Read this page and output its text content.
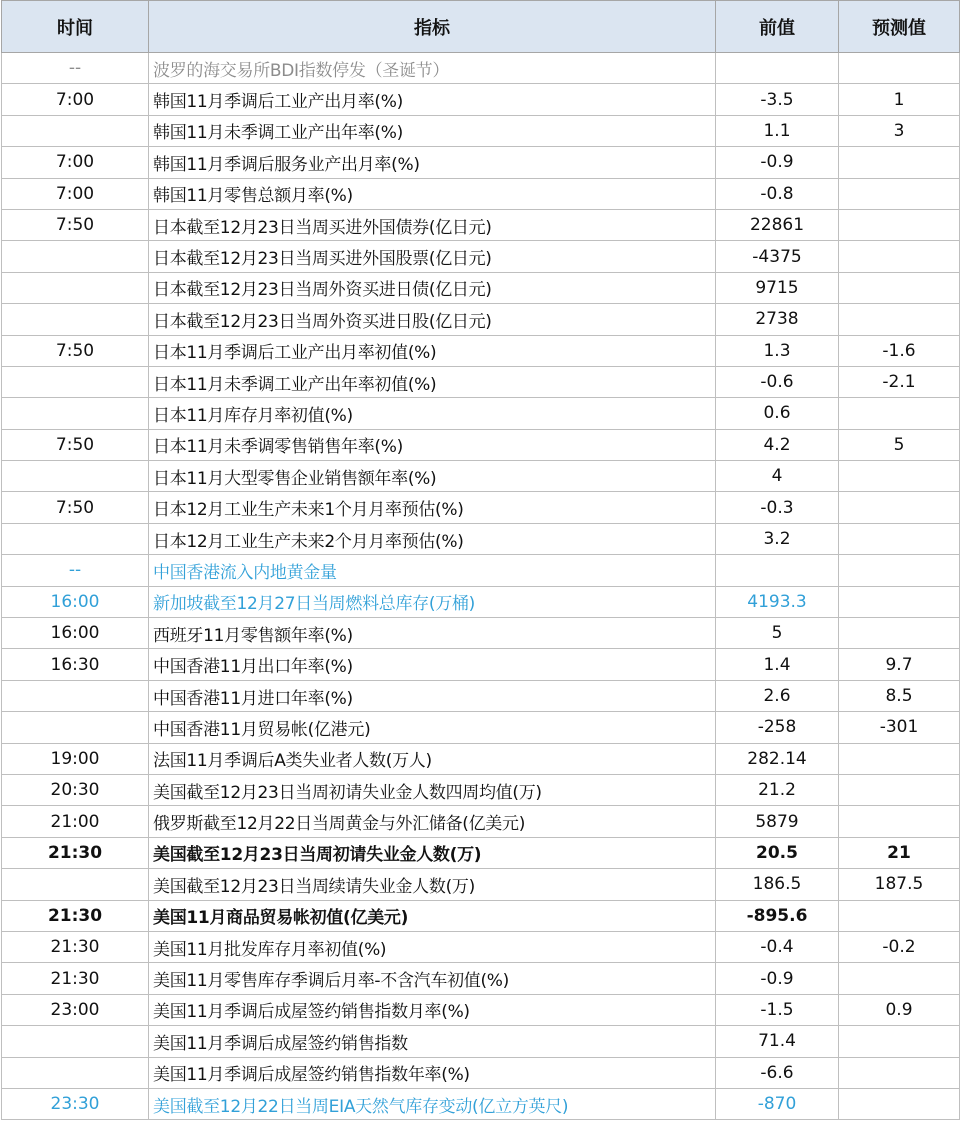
时间	指标	前值	预测值
--	波罗的海交易所BDI指数停发（圣诞节）		
7:00	韩国11月季调后工业产出月率(%)	-3.5	1
	韩国11月未季调工业产出年率(%)	1.1	3
7:00	韩国11月季调后服务业产出月率(%)	-0.9	
7:00	韩国11月零售总额月率(%)	-0.8	
7:50	日本截至12月23日当周买进外国债券(亿日元)	22861	
	日本截至12月23日当周买进外国股票(亿日元)	-4375	
	日本截至12月23日当周外资买进日债(亿日元)	9715	
	日本截至12月23日当周外资买进日股(亿日元)	2738	
7:50	日本11月季调后工业产出月率初值(%)	1.3	-1.6
	日本11月未季调工业产出年率初值(%)	-0.6	-2.1
	日本11月库存月率初值(%)	0.6	
7:50	日本11月未季调零售销售年率(%)	4.2	5
	日本11月大型零售企业销售额年率(%)	4	
7:50	日本12月工业生产未来1个月月率预估(%)	-0.3	
	日本12月工业生产未来2个月月率预估(%)	3.2	
--	中国香港流入内地黄金量		
16:00	新加坡截至12月27日当周燃料总库存(万桶)	4193.3	
16:00	西班牙11月零售额年率(%)	5	
16:30	中国香港11月出口年率(%)	1.4	9.7
	中国香港11月进口年率(%)	2.6	8.5
	中国香港11月贸易帐(亿港元)	-258	-301
19:00	法国11月季调后A类失业者人数(万人)	282.14	
20:30	美国截至12月23日当周初请失业金人数四周均值(万)	21.2	
21:00	俄罗斯截至12月22日当周黄金与外汇储备(亿美元)	5879	
21:30	美国截至12月23日当周初请失业金人数(万)	20.5	21
	美国截至12月23日当周续请失业金人数(万)	186.5	187.5
21:30	美国11月商品贸易帐初值(亿美元)	-895.6	
21:30	美国11月批发库存月率初值(%)	-0.4	-0.2
21:30	美国11月零售库存季调后月率-不含汽车初值(%)	-0.9	
23:00	美国11月季调后成屋签约销售指数月率(%)	-1.5	0.9
	美国11月季调后成屋签约销售指数	71.4	
	美国11月季调后成屋签约销售指数年率(%)	-6.6	
23:30	美国截至12月22日当周EIA天然气库存变动(亿立方英尺)	-870	
